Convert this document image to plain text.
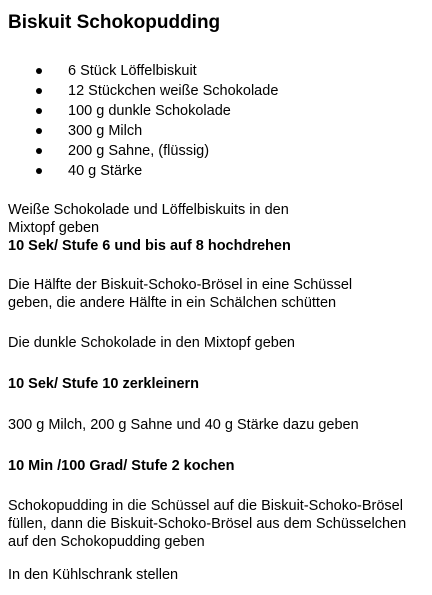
Biskuit Schokopudding
6 Stück Löffelbiskuit
12 Stückchen weiße Schokolade
100 g dunkle Schokolade
300 g Milch
200 g Sahne, (flüssig)
40 g Stärke
Weiße Schokolade und Löffelbiskuits in den
Mixtopf geben
10 Sek/ Stufe 6 und bis auf 8 hochdrehen
Die Hälfte der Biskuit-Schoko-Brösel in eine Schüssel
geben, die andere Hälfte in ein Schälchen schütten
Die dunkle Schokolade in den Mixtopf geben
10 Sek/ Stufe 10 zerkleinern
300 g Milch, 200 g Sahne und 40 g Stärke dazu geben
10 Min /100 Grad/ Stufe 2 kochen
Schokopudding in die Schüssel auf die Biskuit-Schoko-Brösel
füllen, dann die Biskuit-Schoko-Brösel aus dem Schüsselchen
auf den Schokopudding geben
In den Kühlschrank stellen
